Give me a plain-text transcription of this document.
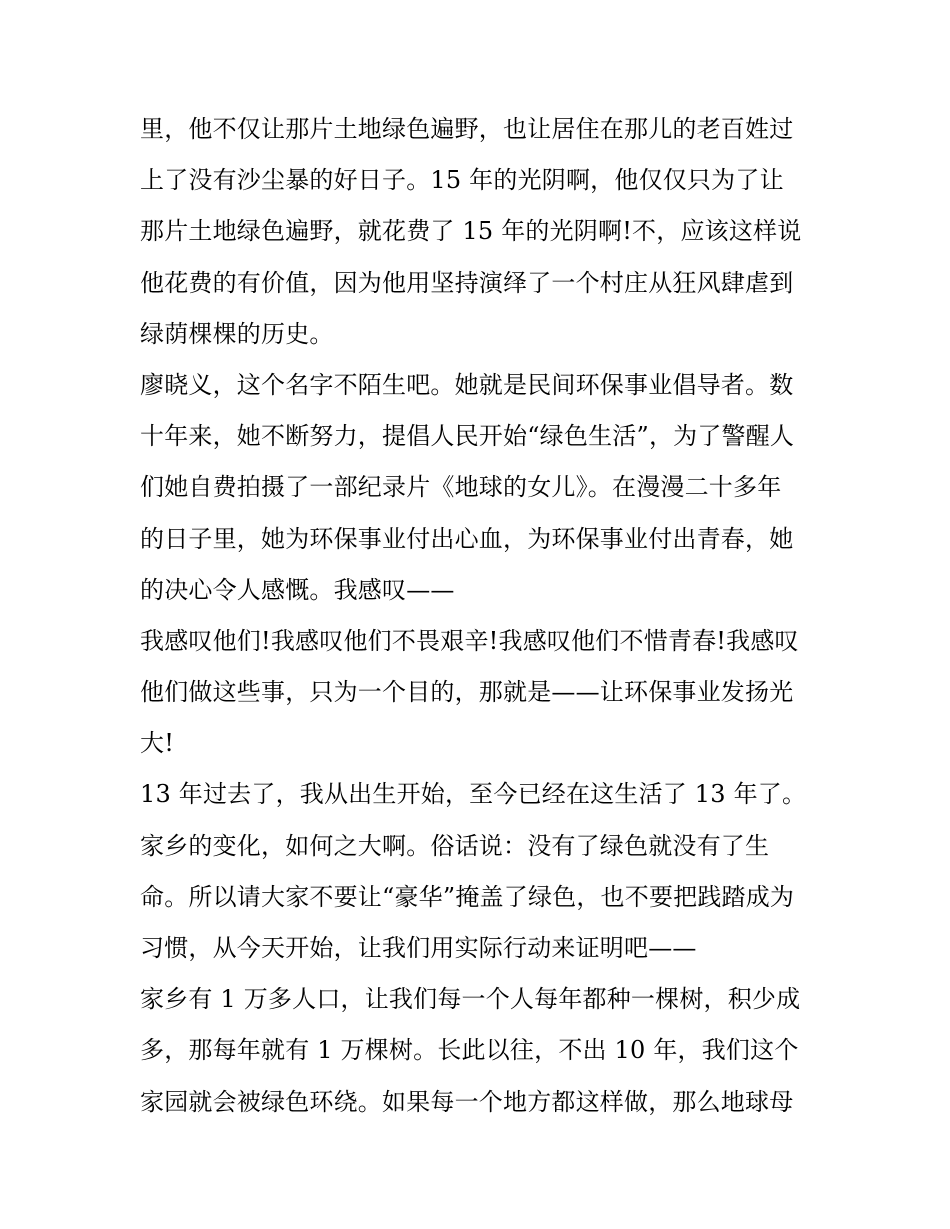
里，他不仅让那片土地绿色遍野，也让居住在那儿的老百姓过
上了没有沙尘暴的好日子。15 年的光阴啊，他仅仅只为了让
那片土地绿色遍野，就花费了 15 年的光阴啊!不，应该这样说
他花费的有价值，因为他用坚持演绎了一个村庄从狂风肆虐到
绿荫棵棵的历史。
廖晓义，这个名字不陌生吧。她就是民间环保事业倡导者。数
十年来，她不断努力，提倡人民开始“绿色生活”，为了警醒人
们她自费拍摄了一部纪录片《地球的女儿》。在漫漫二十多年
的日子里，她为环保事业付出心血，为环保事业付出青春，她
的决心令人感慨。我感叹——
我感叹他们!我感叹他们不畏艰辛!我感叹他们不惜青春!我感叹
他们做这些事，只为一个目的，那就是——让环保事业发扬光
大!
13 年过去了，我从出生开始，至今已经在这生活了 13 年了。
家乡的变化，如何之大啊。俗话说：没有了绿色就没有了生
命。所以请大家不要让“豪华”掩盖了绿色，也不要把践踏成为
习惯，从今天开始，让我们用实际行动来证明吧——
家乡有 1 万多人口，让我们每一个人每年都种一棵树，积少成
多，那每年就有 1 万棵树。长此以往，不出 10 年，我们这个
家园就会被绿色环绕。如果每一个地方都这样做，那么地球母
